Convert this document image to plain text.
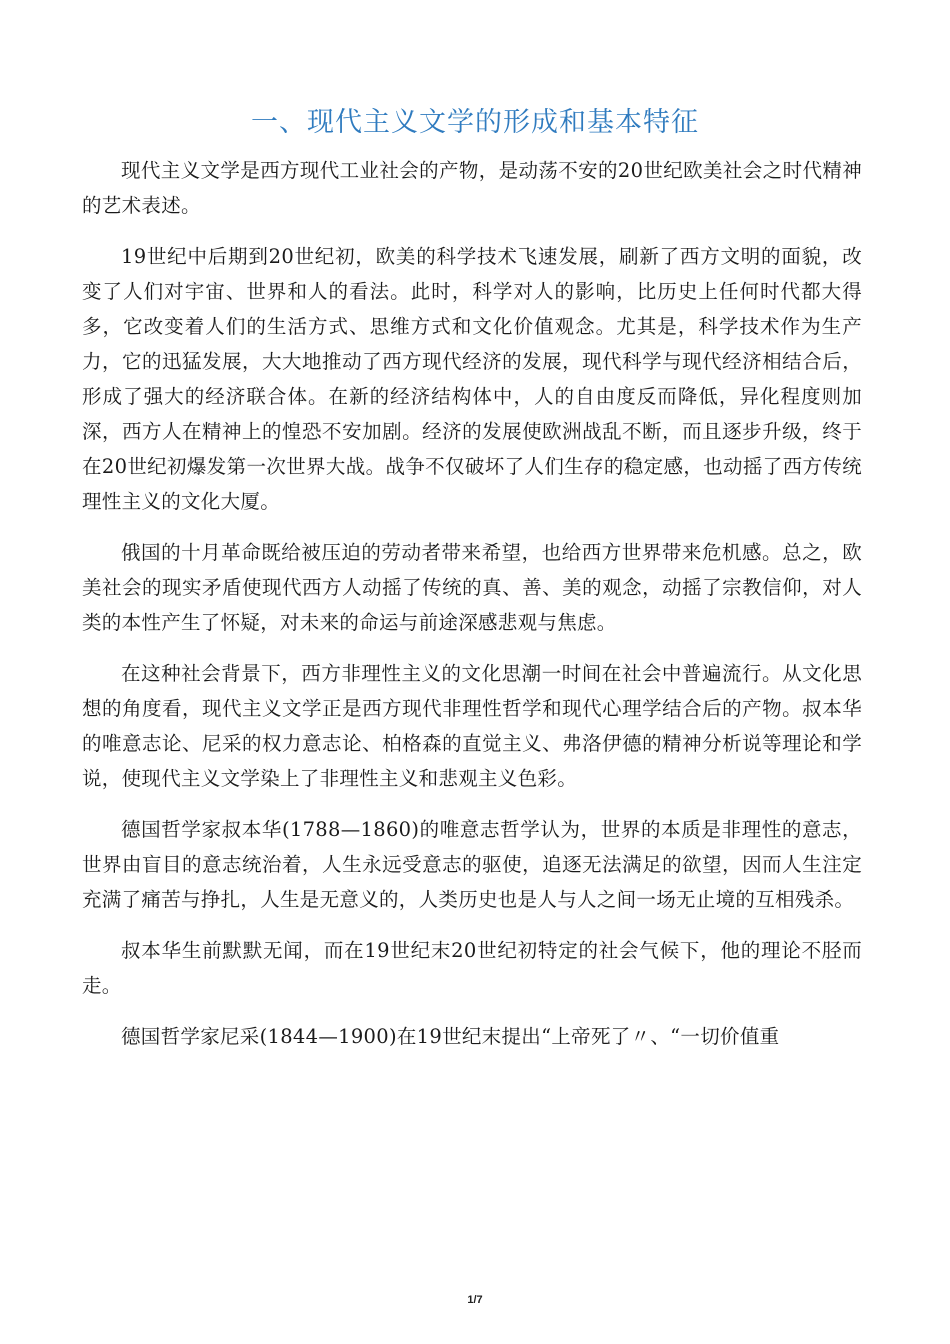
一、现代主义文学的形成和基本特征

现代主义文学是西方现代工业社会的产物，是动荡不安的20世纪欧美社会之时代精神的艺术表述。

19世纪中后期到20世纪初，欧美的科学技术飞速发展，刷新了西方文明的面貌，改变了人们对宇宙、世界和人的看法。此时，科学对人的影响，比历史上任何时代都大得多，它改变着人们的生活方式、思维方式和文化价值观念。尤其是，科学技术作为生产力，它的迅猛发展，大大地推动了西方现代经济的发展，现代科学与现代经济相结合后，形成了强大的经济联合体。在新的经济结构体中，人的自由度反而降低，异化程度则加深，西方人在精神上的惶恐不安加剧。经济的发展使欧洲战乱不断，而且逐步升级，终于在20世纪初爆发第一次世界大战。战争不仅破坏了人们生存的稳定感，也动摇了西方传统理性主义的文化大厦。

俄国的十月革命既给被压迫的劳动者带来希望，也给西方世界带来危机感。总之，欧美社会的现实矛盾使现代西方人动摇了传统的真、善、美的观念，动摇了宗教信仰，对人类的本性产生了怀疑，对未来的命运与前途深感悲观与焦虑。

在这种社会背景下，西方非理性主义的文化思潮一时间在社会中普遍流行。从文化思想的角度看，现代主义文学正是西方现代非理性哲学和现代心理学结合后的产物。叔本华的唯意志论、尼采的权力意志论、柏格森的直觉主义、弗洛伊德的精神分析说等理论和学说，使现代主义文学染上了非理性主义和悲观主义色彩。

德国哲学家叔本华(1788—1860)的唯意志哲学认为，世界的本质是非理性的意志，世界由盲目的意志统治着，人生永远受意志的驱使，追逐无法满足的欲望，因而人生注定充满了痛苦与挣扎，人生是无意义的，人类历史也是人与人之间一场无止境的互相残杀。

叔本华生前默默无闻，而在19世纪末20世纪初特定的社会气候下，他的理论不胫而走。

德国哲学家尼采(1844—1900)在19世纪末提出“上帝死了〃、“一切价值重

1/7
